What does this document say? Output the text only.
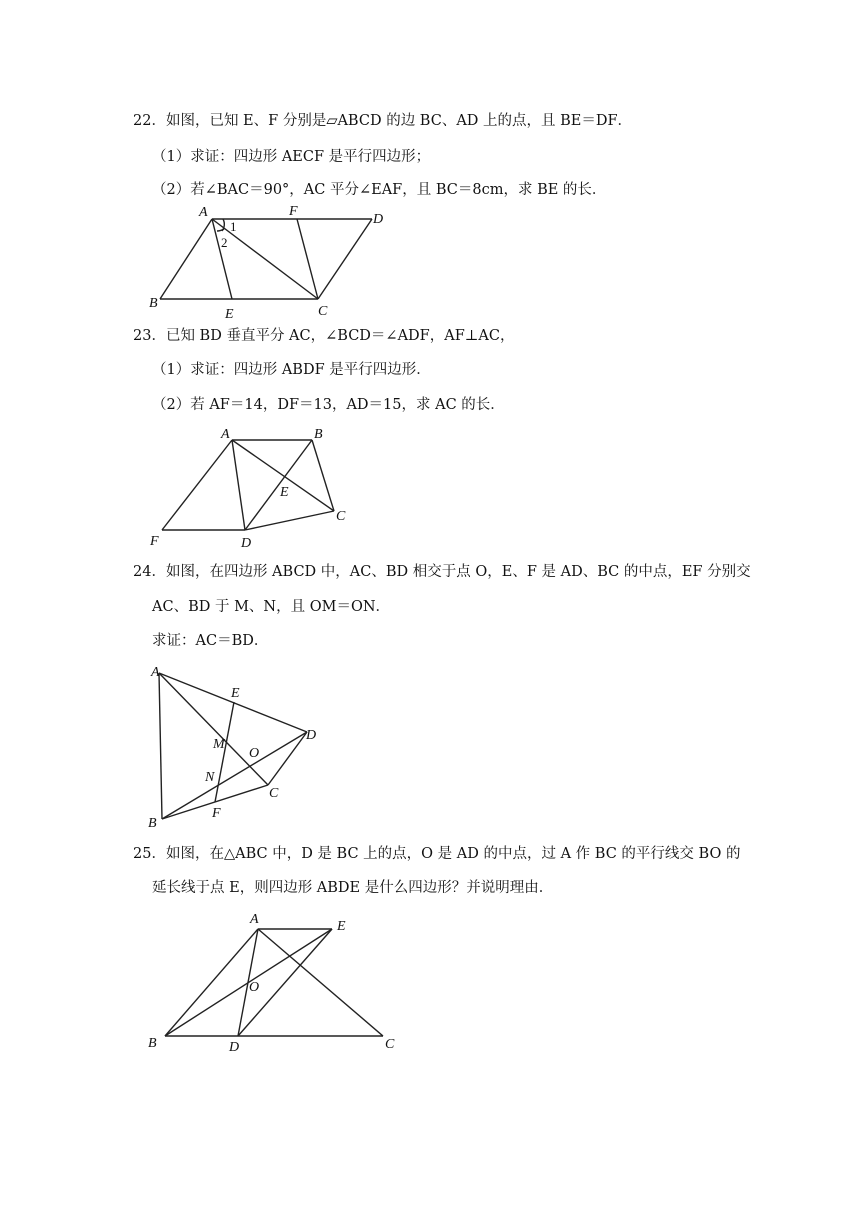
22．如图，已知 E、F 分别是▱ABCD 的边 BC、AD 上的点，且 BE＝DF．
（1）求证：四边形 AECF 是平行四边形；
（2）若∠BAC＝90°，AC 平分∠EAF，且 BC＝8cm，求 BE 的长．
A	F
D
B
E	C
1
2
23．已知 BD 垂直平分 AC，∠BCD＝∠ADF，AF⊥AC，
（1）求证：四边形 ABDF 是平行四边形．
（2）若 AF＝14，DF＝13，AD＝15，求 AC 的长．
A	B
E
C
F	D
24．如图，在四边形 ABCD 中，AC、BD 相交于点 O，E、F 是 AD、BC 的中点，EF 分别交
AC、BD 于 M、N，且 OM＝ON．
求证：AC＝BD．
A
E
D
M
O
N
C
F
B
25．如图，在△ABC 中，D 是 BC 上的点，O 是 AD 的中点，过 A 作 BC 的平行线交 BO 的
延长线于点 E，则四边形 ABDE 是什么四边形？并说明理由．
A	E
O
B	D	C
